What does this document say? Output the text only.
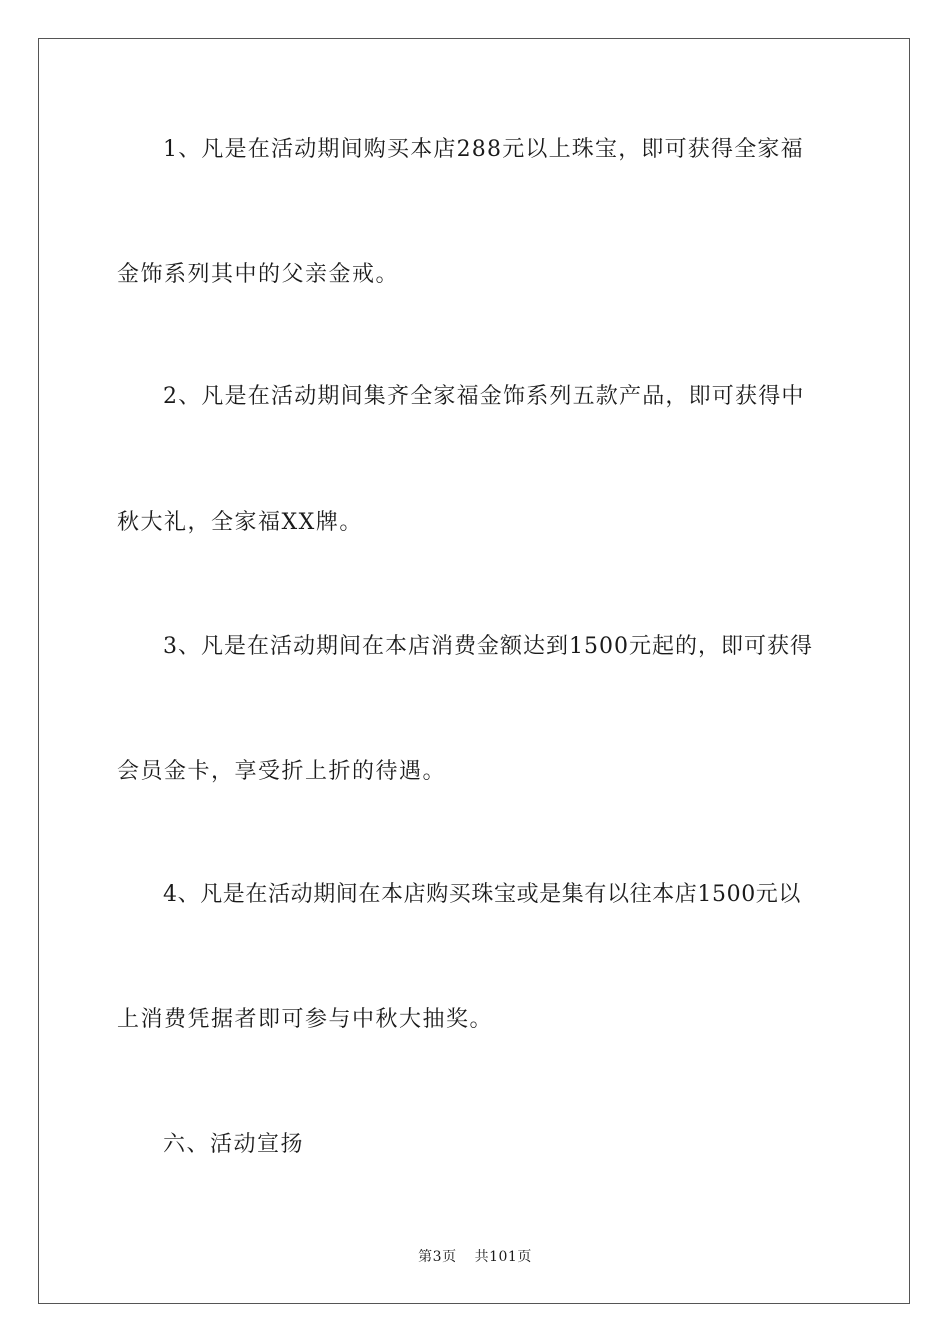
1、凡是在活动期间购买本店288元以上珠宝，即可获得全家福
金饰系列其中的父亲金戒。
2、凡是在活动期间集齐全家福金饰系列五款产品，即可获得中
秋大礼，全家福XX牌。
3、凡是在活动期间在本店消费金额达到1500元起的，即可获得
会员金卡，享受折上折的待遇。
4、凡是在活动期间在本店购买珠宝或是集有以往本店1500元以
上消费凭据者即可参与中秋大抽奖。
六、活动宣扬
第3页 共101页
